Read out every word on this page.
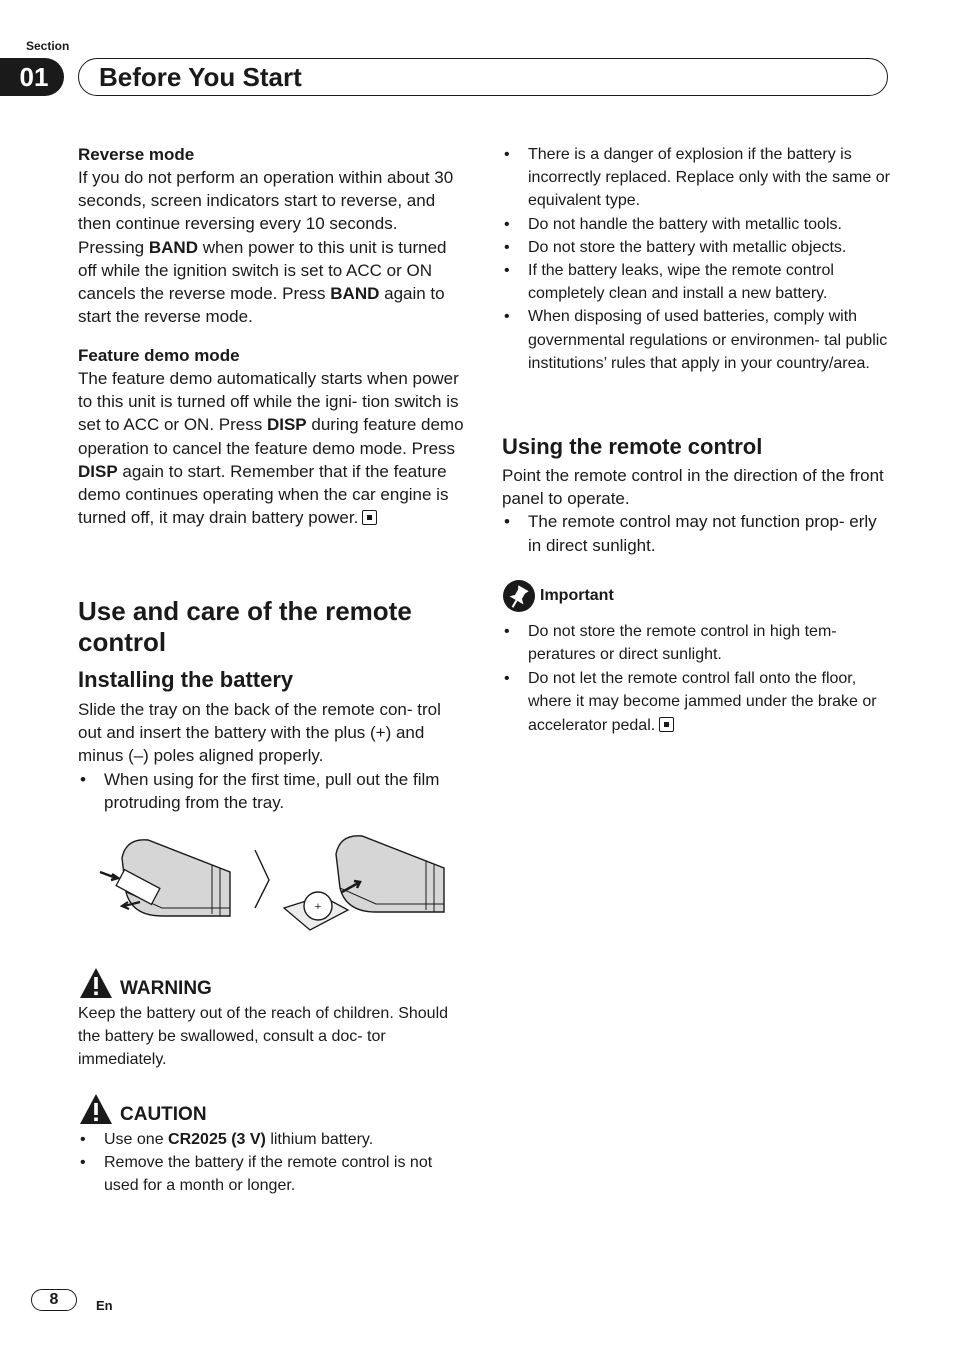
Section
01	Before You Start
Reverse mode

If you do not perform an operation within about 30 seconds, screen indicators start to reverse, and then continue reversing every 10 seconds. Pressing BAND when power to this unit is turned off while the ignition switch is set to ACC or ON cancels the reverse mode. Press BAND again to start the reverse mode.

Feature demo mode

The feature demo automatically starts when power to this unit is turned off while the igni- tion switch is set to ACC or ON. Press DISP during feature demo operation to cancel the feature demo mode. Press DISP again to start. Remember that if the feature demo continues operating when the car engine is turned off, it may drain battery power.

Use and care of the remote control
Installing the battery

Slide the tray on the back of the remote con- trol out and insert the battery with the plus (+) and minus (–) poles aligned properly.

• When using for the first time, pull out the film protruding from the tray.
+
WARNING

Keep the battery out of the reach of children. Should the battery be swallowed, consult a doc- tor immediately.

CAUTION
• Use one CR2025 (3 V) lithium battery.
• Remove the battery if the remote control is not used for a month or longer.
• There is a danger of explosion if the battery is incorrectly replaced. Replace only with the same or equivalent type.
• Do not handle the battery with metallic tools.
• Do not store the battery with metallic objects.
• If the battery leaks, wipe the remote control completely clean and install a new battery.
• When disposing of used batteries, comply with governmental regulations or environmen- tal public institutions’ rules that apply in your country/area.
Using the remote control

Point the remote control in the direction of the front panel to operate.

• The remote control may not function prop- erly in direct sunlight.
Important
• Do not store the remote control in high tem- peratures or direct sunlight.
• Do not let the remote control fall onto the floor, where it may become jammed under the brake or accelerator pedal.
8	En
